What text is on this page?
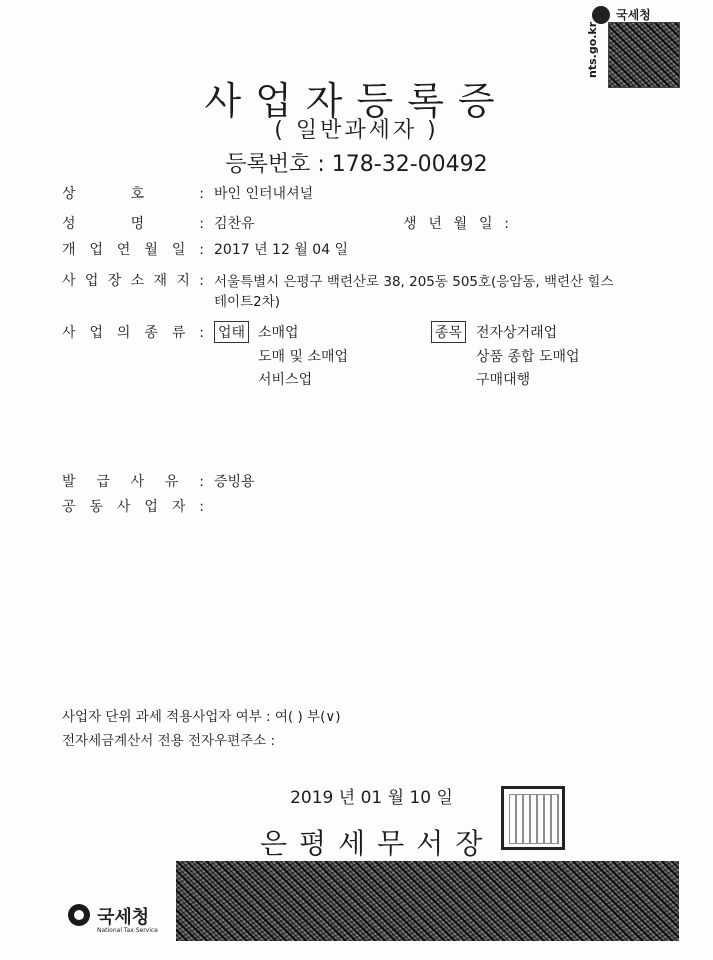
국세청
nts.go.kr
사업자등록증
( 일반과세자 )
등록번호 : 178-32-00492
상 호 : 바인 인터내셔널
성 명 : 김찬유	생 년 월 일 :
개 업 연 월 일 : 2017 년 12 월 04 일
사 업 장 소 재 지 : 서울특별시 은평구 백련산로 38, 205동 505호(응암동, 백련산 힐스
테이트2차)
사 업 의 종 류 : 업태 소매업
도매 및 소매업
서비스업
종목 전자상거래업
상품 종합 도매업
구매대행
발 급 사 유 : 증빙용
공 동 사 업 자 :
사업자 단위 과세 적용사업자 여부 : 여( ) 부(∨)
전자세금계산서 전용 전자우편주소 :
2019 년 01 월 10 일
은평세무서장
국세청
National Tax Service
